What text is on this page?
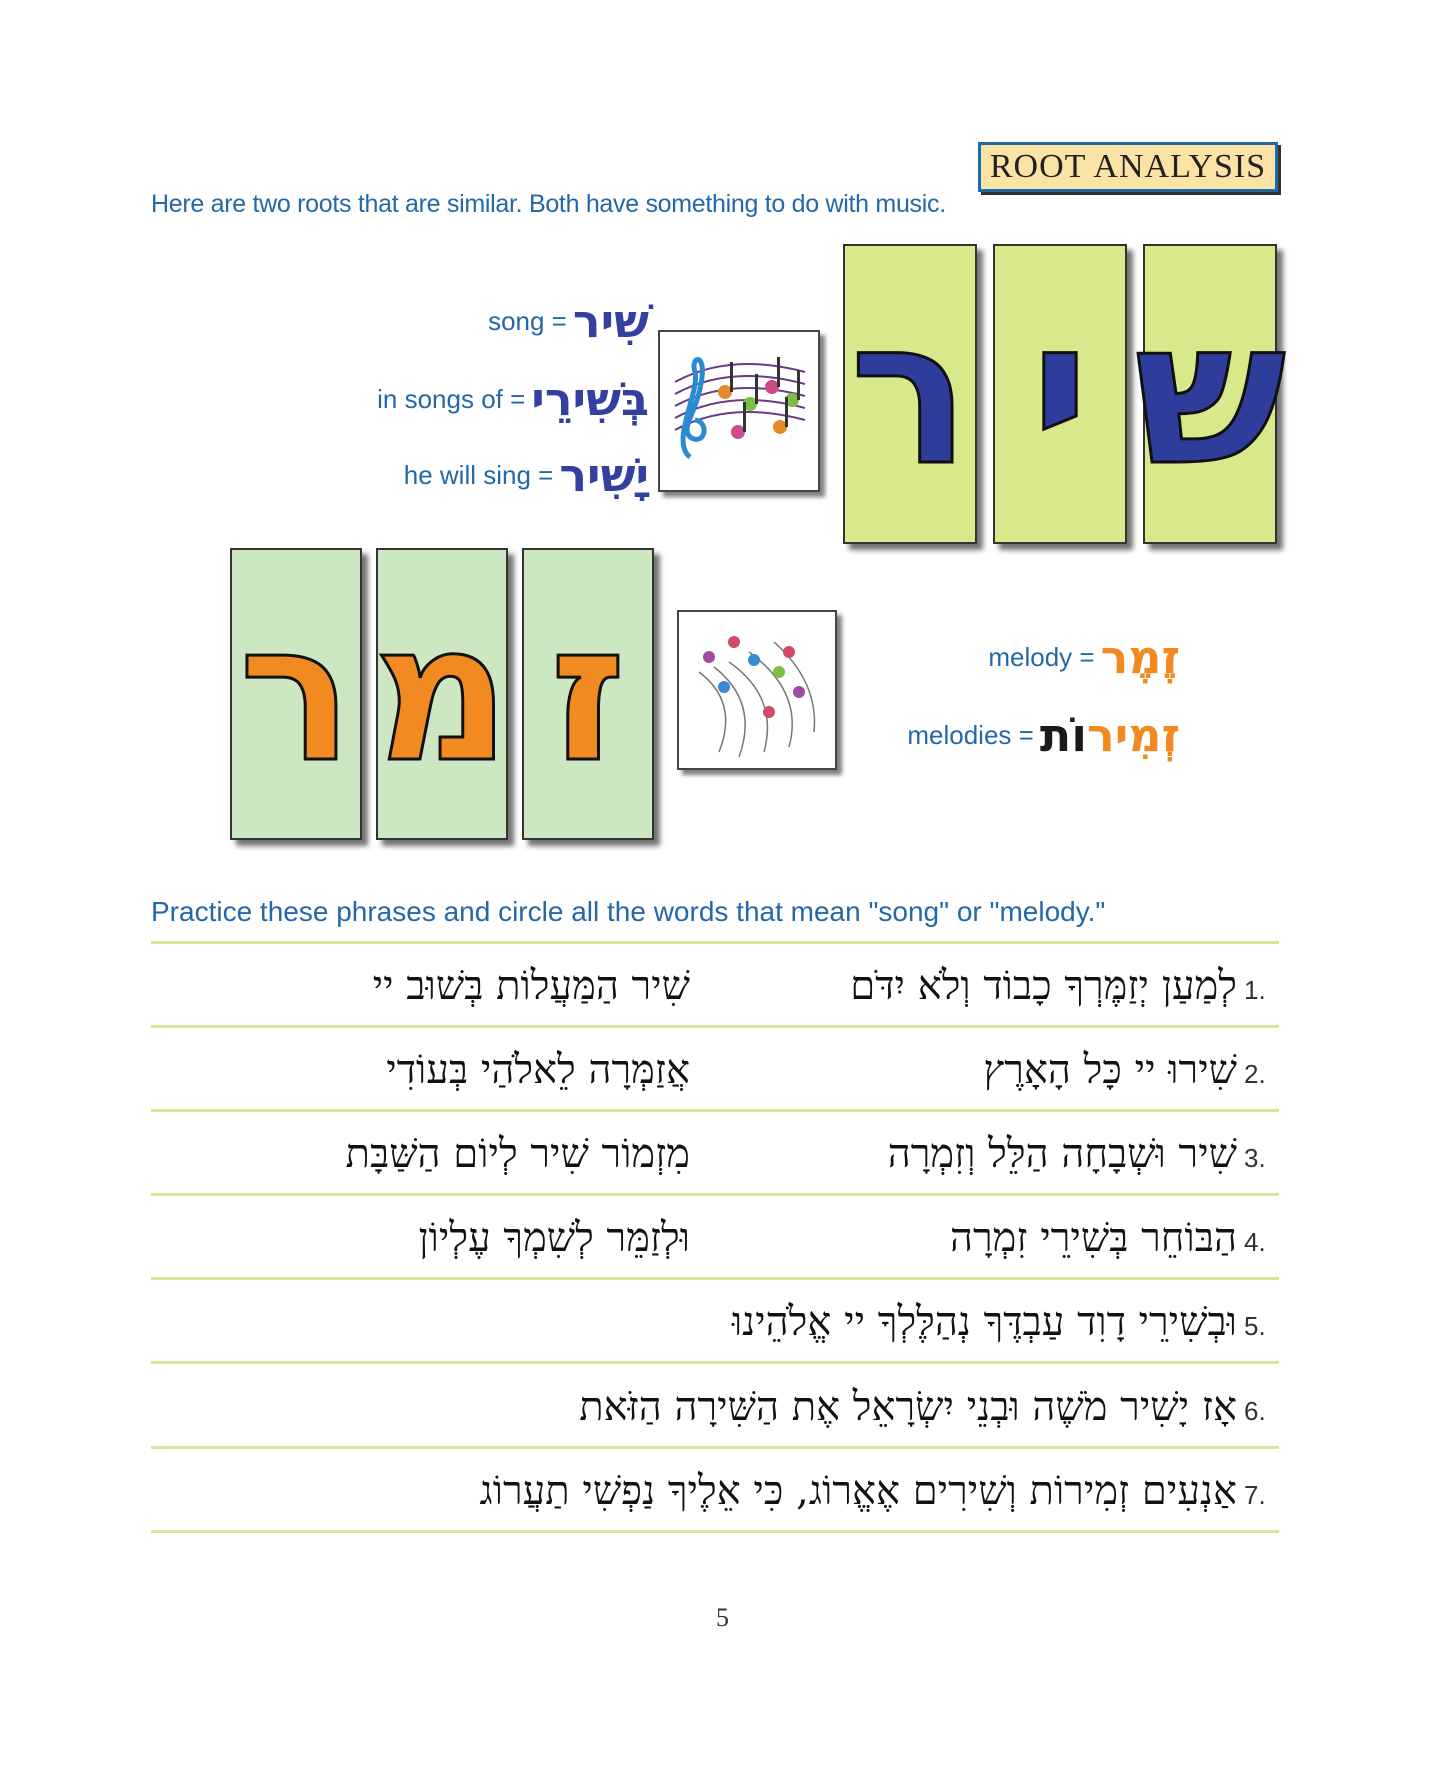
ROOT ANALYSIS
Here are two roots that are similar. Both have something to do with music.
ש
י
ר
song = שִׁיר
in songs of = בְּשִׁירֵי
he will sing = יָשִׁיר
ז
מ
ר	melody = זֶמֶר
melodies =	זְמִירוֹת
Practice these phrases and circle all the words that mean "song" or "melody."
1.
לְמַעַן יְזַמֶּרְךָ כָבוֹד וְלֹא יִדֹּם
שִׁיר הַמַּעֲלוֹת בְּשׁוּב יי
2.
שִׁירוּ יי כָּל הָאָרֶץ
אֲזַמְּרָה לֵאלֹהַי בְּעוֹדִי
3.
שִׁיר וּשְׁבָחָה הַלֵּל וְזִמְרָה
מִזְמוֹר שִׁיר לְיוֹם הַשַּׁבָּת
4.
הַבּוֹחֵר בְּשִׁירֵי זִמְרָה
וּלְזַמֵּר לְשִׁמְךָ עֶלְיוֹן
5.
וּבְשִׁירֵי דָוִד עַבְדֶּךָ נְהַלֶּלְךָ יי אֱלֹהֵינוּ
6.
אָז יָשִׁיר מֹשֶׁה וּבְנֵי יִשְׂרָאֵל אֶת הַשִּׁירָה הַזֹּאת
7.
אַנְעִים זְמִירוֹת וְשִׁירִים אֶאֱרוֹג, כִּי אֵלֶיךָ נַפְשִׁי תַעֲרוֹג
5
